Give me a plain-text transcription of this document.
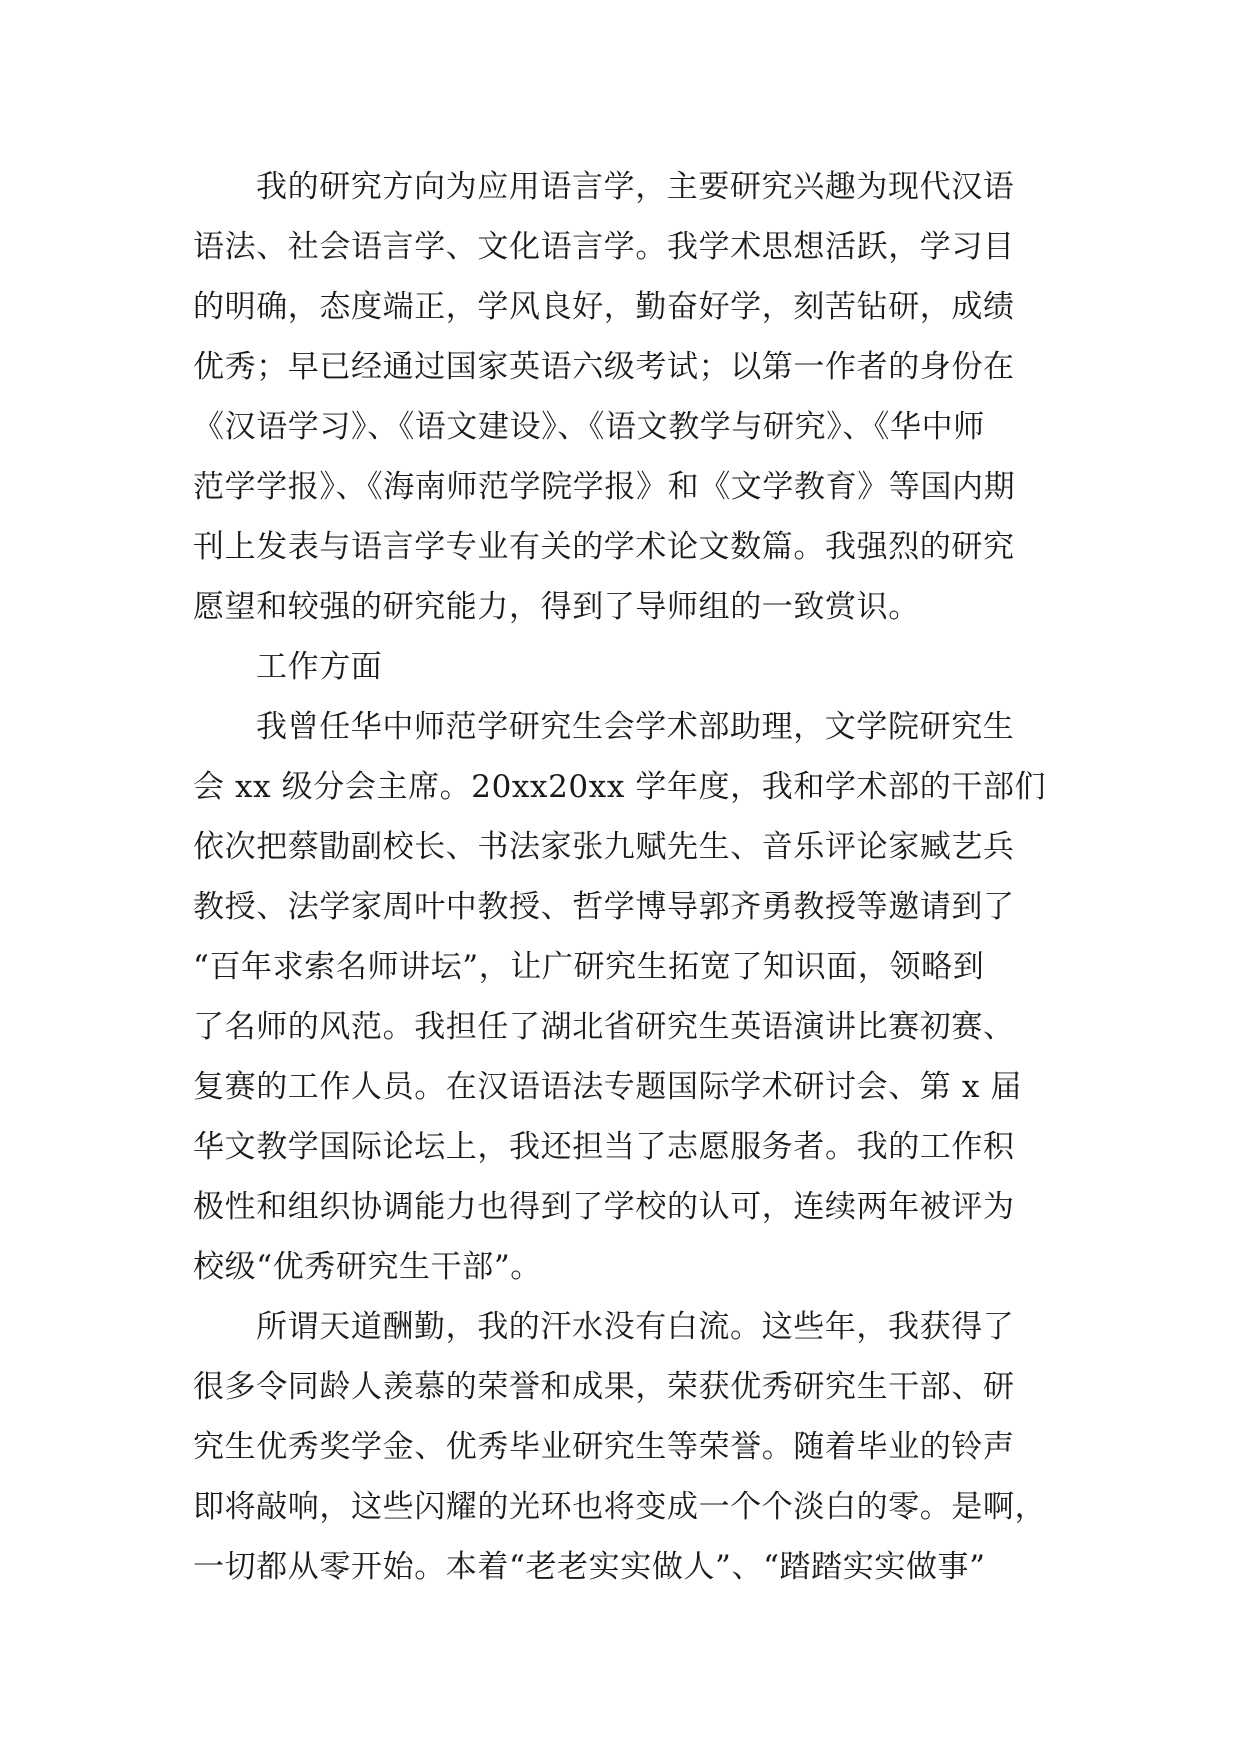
我的研究方向为应用语言学，主要研究兴趣为现代汉语
语法、社会语言学、文化语言学。我学术思想活跃，学习目
的明确，态度端正，学风良好，勤奋好学，刻苦钻研，成绩
优秀；早已经通过国家英语六级考试；以第一作者的身份在
《汉语学习》、《语文建设》、《语文教学与研究》、《华中师
范学学报》、《海南师范学院学报》和《文学教育》等国内期
刊上发表与语言学专业有关的学术论文数篇。我强烈的研究
愿望和较强的研究能力，得到了导师组的一致赏识。
工作方面
我曾任华中师范学研究生会学术部助理，文学院研究生
会 xx 级分会主席。20xx20xx 学年度，我和学术部的干部们
依次把蔡勖副校长、书法家张九赋先生、音乐评论家臧艺兵
教授、法学家周叶中教授、哲学博导郭齐勇教授等邀请到了
“百年求索名师讲坛”，让广研究生拓宽了知识面，领略到
了名师的风范。我担任了湖北省研究生英语演讲比赛初赛、
复赛的工作人员。在汉语语法专题国际学术研讨会、第 x 届
华文教学国际论坛上，我还担当了志愿服务者。我的工作积
极性和组织协调能力也得到了学校的认可，连续两年被评为
校级“优秀研究生干部”。
所谓天道酬勤，我的汗水没有白流。这些年，我获得了
很多令同龄人羡慕的荣誉和成果，荣获优秀研究生干部、研
究生优秀奖学金、优秀毕业研究生等荣誉。随着毕业的铃声
即将敲响，这些闪耀的光环也将变成一个个淡白的零。是啊，
一切都从零开始。本着“老老实实做人”、“踏踏实实做事”
